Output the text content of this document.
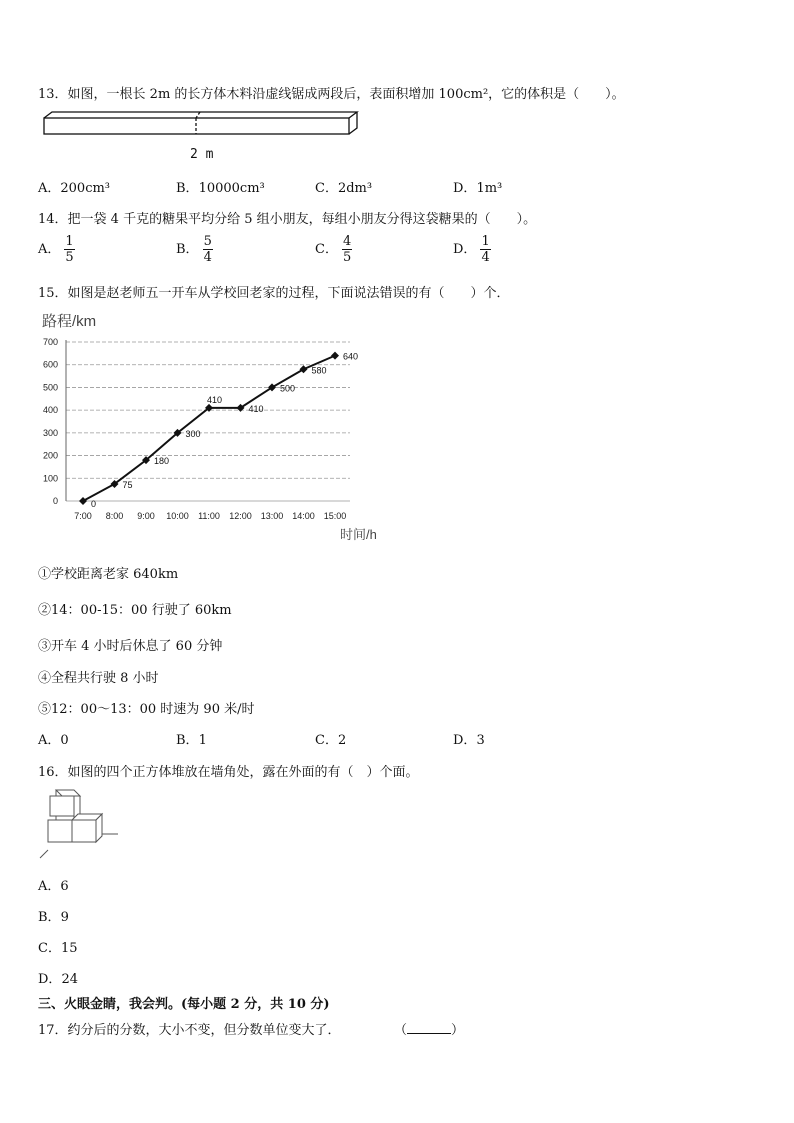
13．如图，一根长 2m 的长方体木料沿虚线锯成两段后，表面积增加 100cm²，它的体积是（　　）。
2 m
A．200cm³	B．10000cm³	C．2dm³	D．1m³
14．把一袋 4 千克的糖果平均分给 5 组小朋友，每组小朋友分得这袋糖果的（　　）。
A． $\frac{1}{5}$	B． $\frac{5}{4}$	C． $\frac{4}{5}$	D． $\frac{1}{4}$
15．如图是赵老师五一开车从学校回老家的过程，下面说法错误的有（　　）个．
路程/km
0
100
200
300
400
500
600
700
7:00 8:00 9:00 10:00 11:00 12:00 13:00 14:00 15:00
时间/h
0
75
180
300
410
410
500
580
640
①学校距离老家 640km
②14：00-15：00 行驶了 60km
③开车 4 小时后休息了 60 分钟
④全程共行驶 8 小时
⑤12：00～13：00 时速为 90 米/时
A．0	B．1	C．2	D．3
16．如图的四个正方体堆放在墙角处，露在外面的有（　）个面。
A．6
B．9
C．15
D．24
三、火眼金睛，我会判。(每小题 2 分，共 10 分)
17．约分后的分数，大小不变，但分数单位变大了．	（	）
